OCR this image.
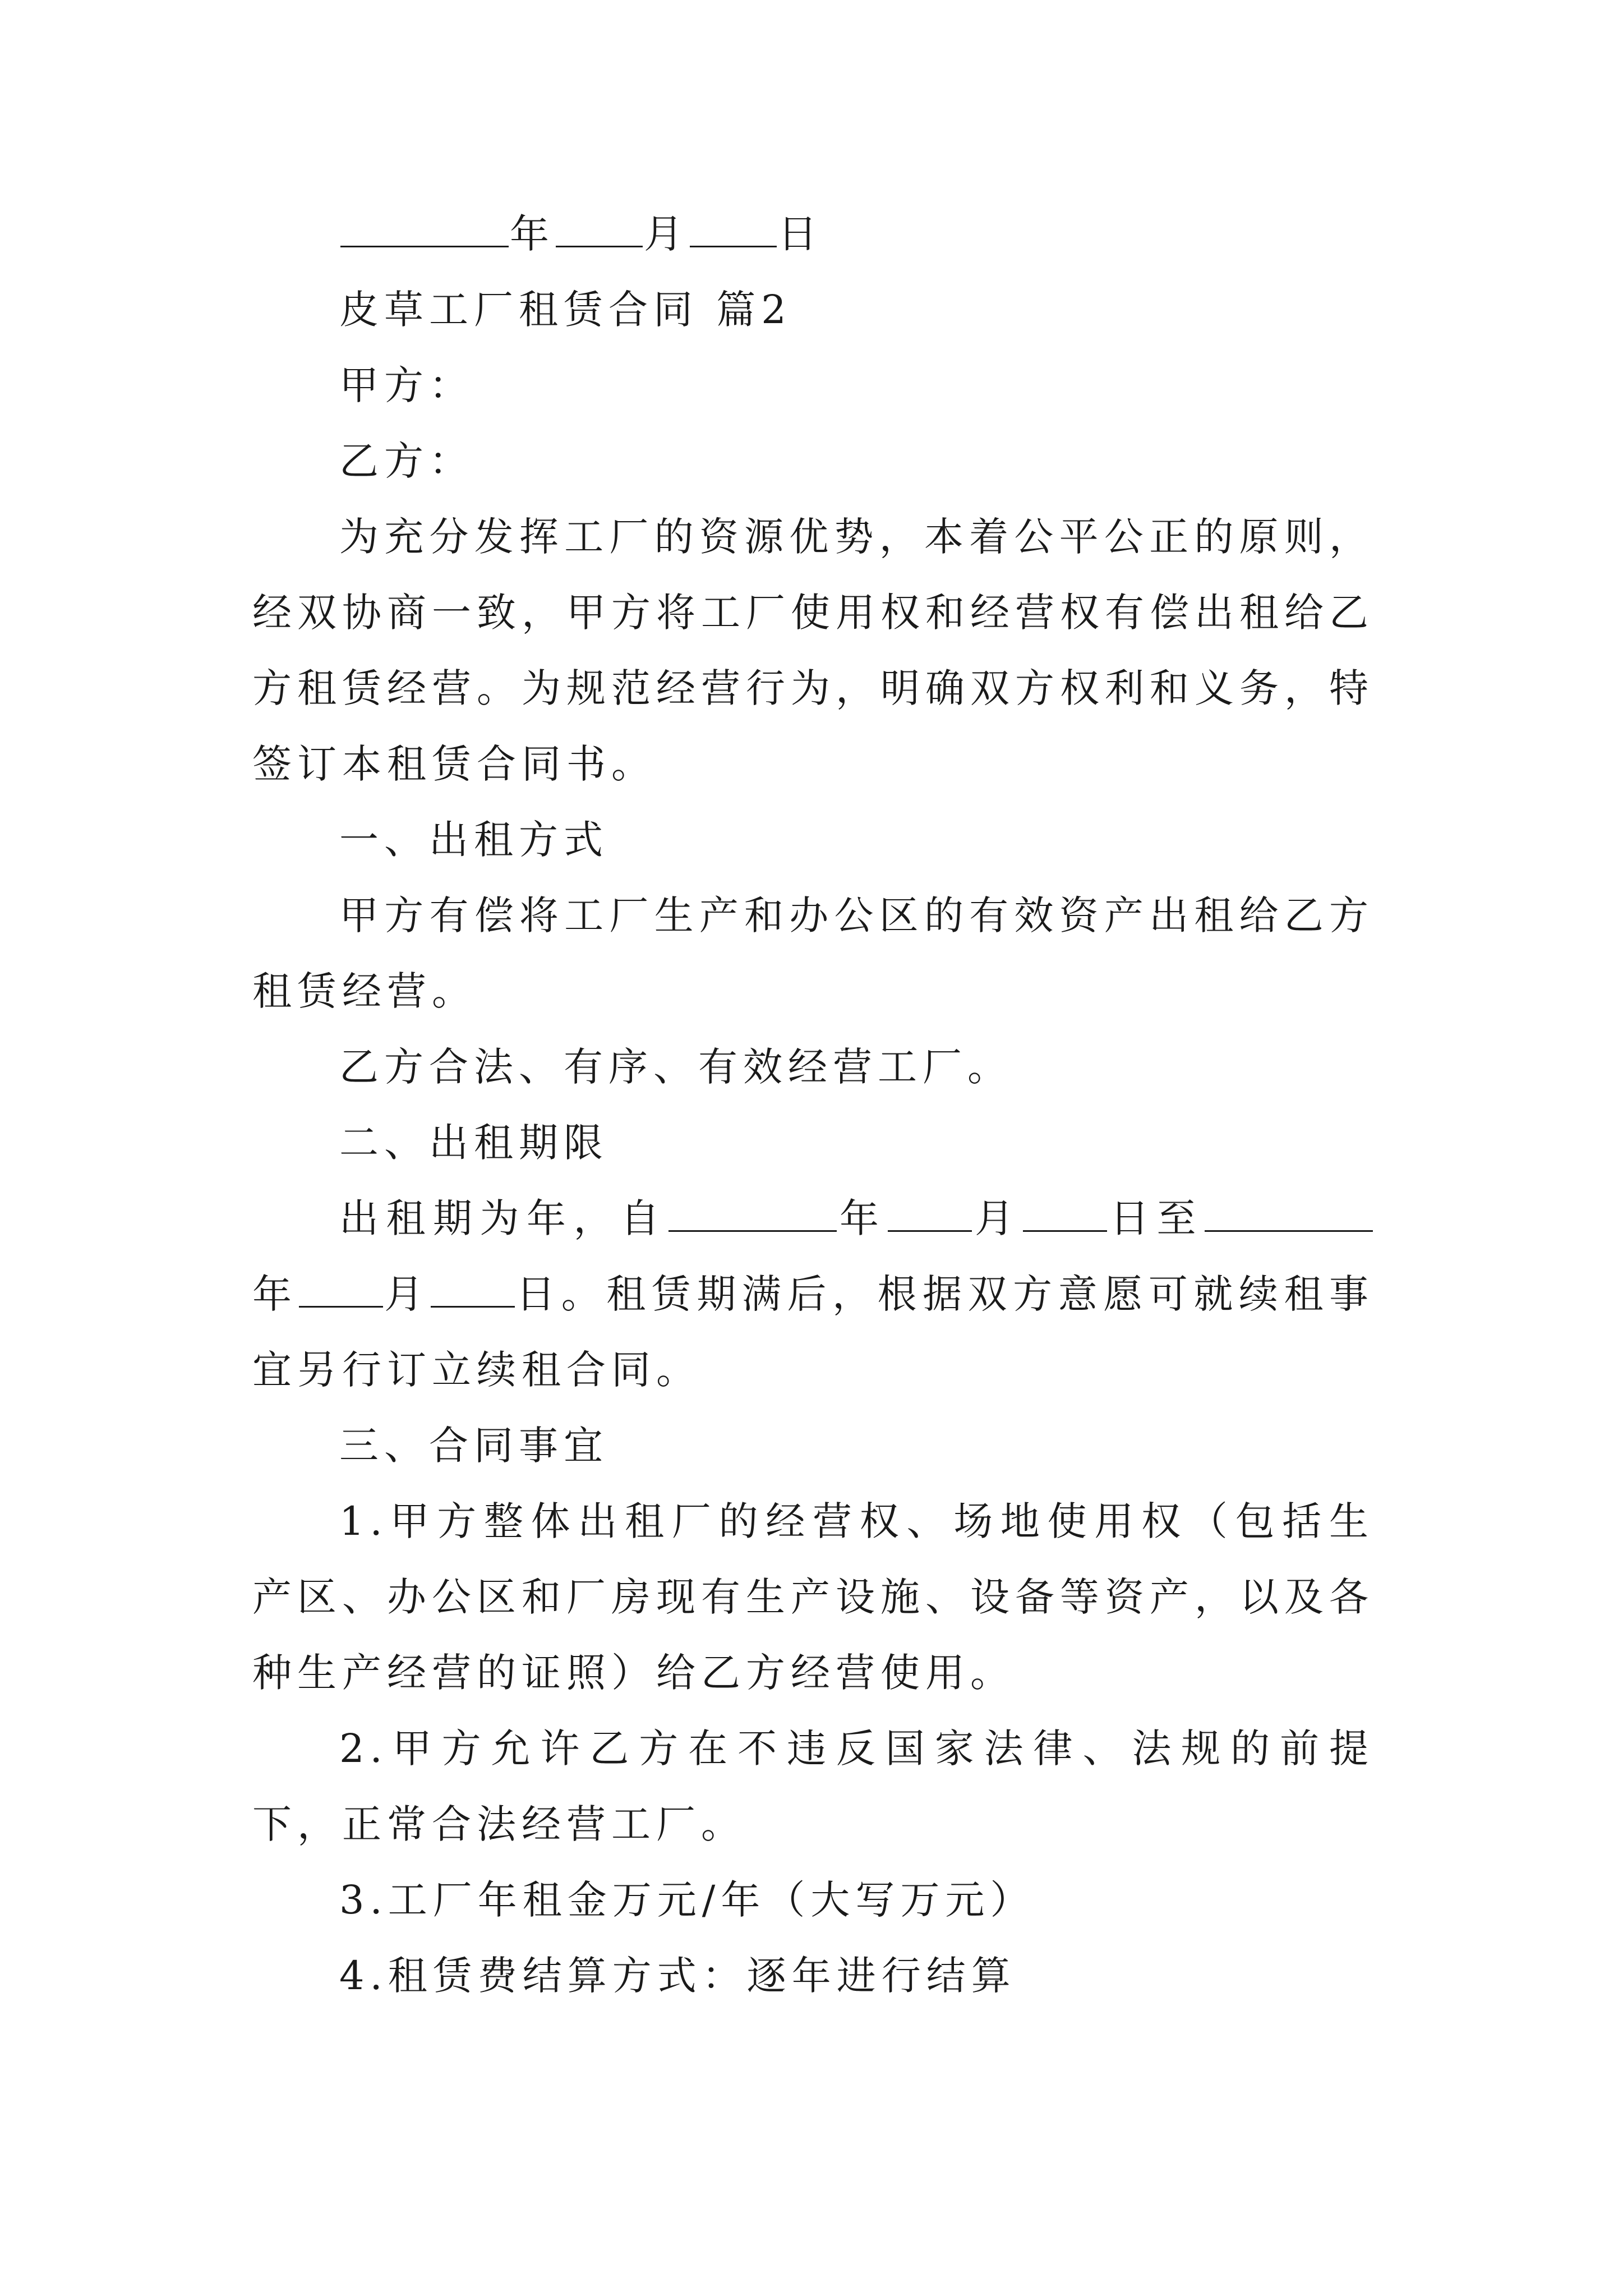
年 月 日

皮草工厂租赁合同 篇2

甲方：

乙方：

为充分发挥工厂的资源优势，本着公平公正的原则，经双协商一致，甲方将工厂使用权和经营权有偿出租给乙方租赁经营。为规范经营行为，明确双方权利和义务，特签订本租赁合同书。

一、出租方式

甲方有偿将工厂生产和办公区的有效资产出租给乙方租赁经营。

乙方合法、有序、有效经营工厂。

二、出租期限

出租期为年，自	年 月 日至年 月 日。租赁期满后，根据双方意愿可就续租事宜另行订立续租合同。

三、合同事宜

1.甲方整体出租厂的经营权、场地使用权（包括生产区、办公区和厂房现有生产设施、设备等资产，以及各种生产经营的证照）给乙方经营使用。

2.甲方允许乙方在不违反国家法律、法规的前提下，正常合法经营工厂。

3.工厂年租金万元/年（大写万元）

4.租赁费结算方式：逐年进行结算
